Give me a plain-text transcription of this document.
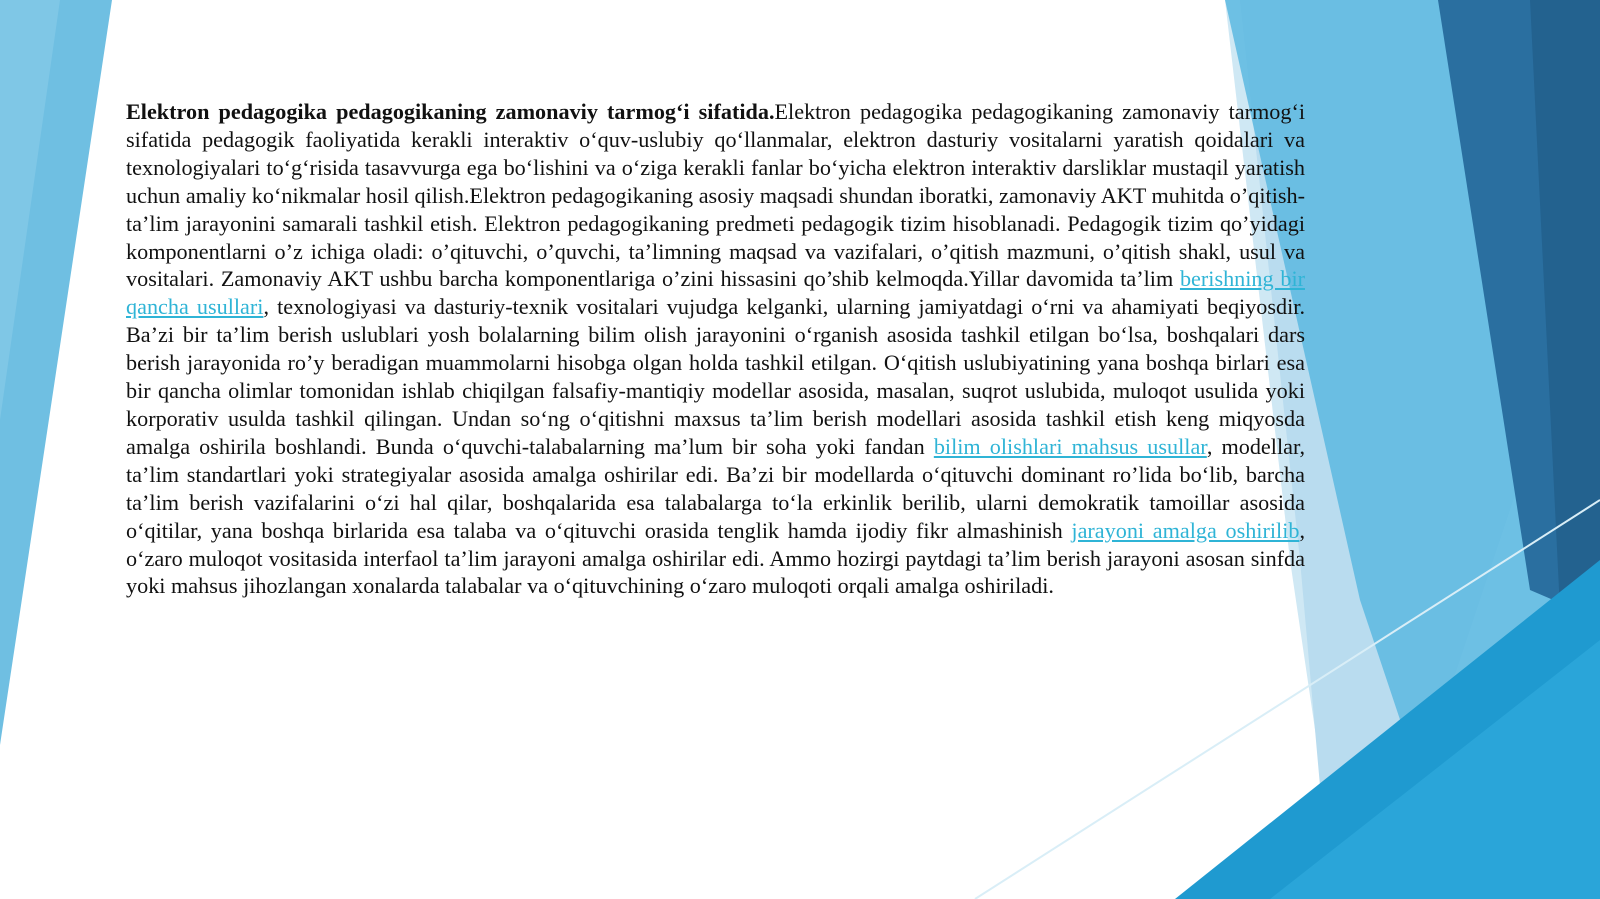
Elektron pedagogika pedagogikaning zamonaviy tarmog‘i sifatida.Elektron pedagogika pedagogikaning zamonaviy tarmog‘i sifatida pedagogik faoliyatida kerakli interaktiv o‘quv-uslubiy qo‘llanmalar, elektron dasturiy vositalarni yaratish qoidalari va texnologiyalari to‘g‘risida tasavvurga ega bo‘lishini va o‘ziga kerakli fanlar bo‘yicha elektron interaktiv darsliklar mustaqil yaratish uchun amaliy ko‘nikmalar hosil qilish.Elektron pedagogikaning asosiy maqsadi shundan iboratki, zamonaviy AKT muhitda o’qitish-ta’lim jarayonini samarali tashkil etish. Elektron pedagogikaning predmeti pedagogik tizim hisoblanadi. Pedagogik tizim qo’yidagi komponentlarni o’z ichiga oladi: o’qituvchi, o’quvchi, ta’limning maqsad va vazifalari, o’qitish mazmuni, o’qitish shakl, usul va vositalari. Zamonaviy AKT ushbu barcha komponentlariga o’zini hissasini qo’shib kelmoqda.Yillar davomida ta’lim berishning bir qancha usullari, texnologiyasi va dasturiy-texnik vositalari vujudga kelganki, ularning jamiyatdagi o‘rni va ahamiyati beqiyosdir. Ba’zi bir ta’lim berish uslublari yosh bolalarning bilim olish jarayonini o‘rganish asosida tashkil etilgan bo‘lsa, boshqalari dars berish jarayonida ro’y beradigan muammolarni hisobga olgan holda tashkil etilgan. O‘qitish uslubiyatining yana boshqa birlari esa bir qancha olimlar tomonidan ishlab chiqilgan falsafiy-mantiqiy modellar asosida, masalan, suqrot uslubida, muloqot usulida yoki korporativ usulda tashkil qilingan. Undan so‘ng o‘qitishni maxsus ta’lim berish modellari asosida tashkil etish keng miqyosda amalga oshirila boshlandi. Bunda o‘quvchi-talabalarning ma’lum bir soha yoki fandan bilim olishlari mahsus usullar, modellar, ta’lim standartlari yoki strategiyalar asosida amalga oshirilar edi. Ba’zi bir modellarda o‘qituvchi dominant ro’lida bo‘lib, barcha ta’lim berish vazifalarini o‘zi hal qilar, boshqalarida esa talabalarga to‘la erkinlik berilib, ularni demokratik tamoillar asosida o‘qitilar, yana boshqa birlarida esa talaba va o‘qituvchi orasida tenglik hamda ijodiy fikr almashinish jarayoni amalga oshirilib, o‘zaro muloqot vositasida interfaol ta’lim jarayoni amalga oshirilar edi. Ammo hozirgi paytdagi ta’lim berish jarayoni asosan sinfda yoki mahsus jihozlangan xonalarda talabalar va o‘qituvchining o‘zaro muloqoti orqali amalga oshiriladi.
